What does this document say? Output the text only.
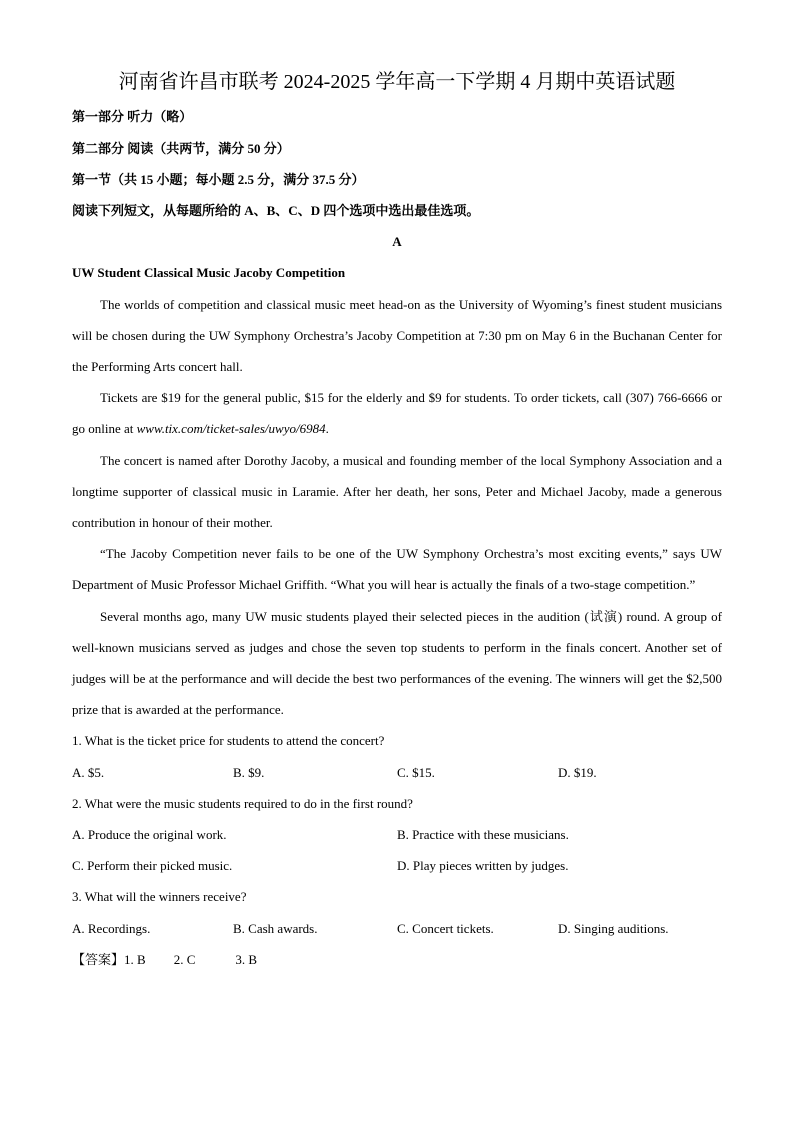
河南省许昌市联考 2024-2025 学年高一下学期 4 月期中英语试题

第一部分 听力（略）

第二部分 阅读（共两节，满分 50 分）

第一节（共 15 小题；每小题 2.5 分，满分 37.5 分）

阅读下列短文，从每题所给的 A、B、C、D 四个选项中选出最佳选项。

A

UW Student Classical Music Jacoby Competition

The worlds of competition and classical music meet head-on as the University of Wyoming’s finest student musicians will be chosen during the UW Symphony Orchestra’s Jacoby Competition at 7:30 pm on May 6 in the Buchanan Center for the Performing Arts concert hall.

Tickets are $19 for the general public, $15 for the elderly and $9 for students. To order tickets, call (307) 766-6666 or go online at www.tix.com/ticket-sales/uwyo/6984.

The concert is named after Dorothy Jacoby, a musical and founding member of the local Symphony Association and a longtime supporter of classical music in Laramie. After her death, her sons, Peter and Michael Jacoby, made a generous contribution in honour of their mother.

“The Jacoby Competition never fails to be one of the UW Symphony Orchestra’s most exciting events,” says UW Department of Music Professor Michael Griffith. “What you will hear is actually the finals of a two-stage competition.”

Several months ago, many UW music students played their selected pieces in the audition (试演) round. A group of well-known musicians served as judges and chose the seven top students to perform in the finals concert. Another set of judges will be at the performance and will decide the best two performances of the evening. The winners will get the $2,500 prize that is awarded at the performance.

1. What is the ticket price for students to attend the concert?

A. $5.	B. $9.	C. $15.	D. $19.

2. What were the music students required to do in the first round?

A. Produce the original work.	B. Practice with these musicians.
C. Perform their picked music.	D. Play pieces written by judges.

3. What will the winners receive?

A. Recordings.	B. Cash awards.	C. Concert tickets.	D. Singing auditions.

【答案】1. B 2. C	3. B
